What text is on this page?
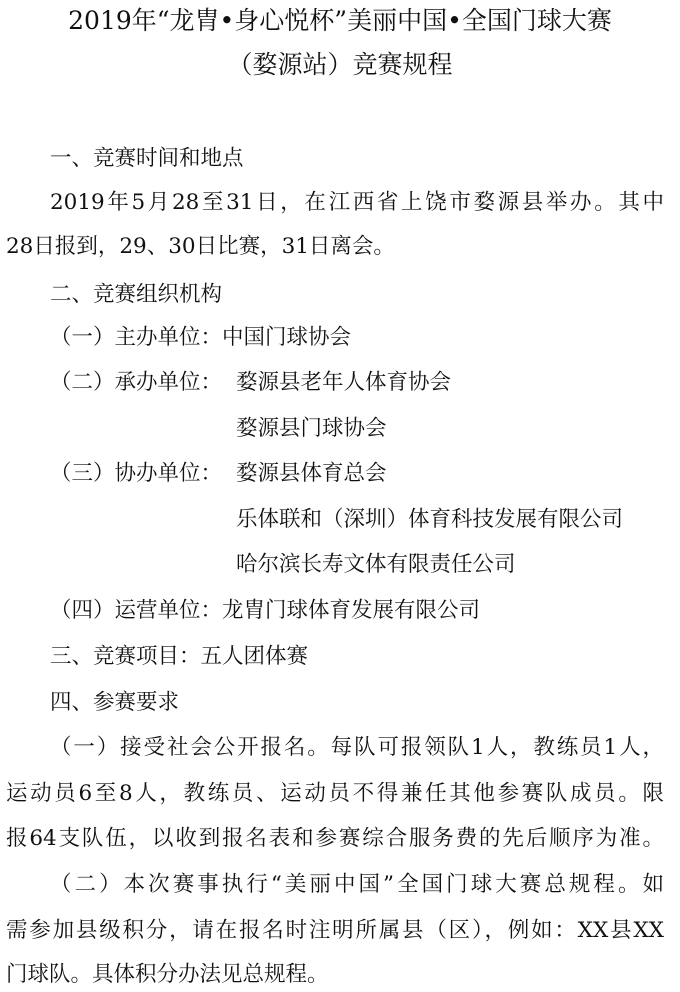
2019年“龙胄•身心悦杯”美丽中国•全国门球大赛
（婺源站）竞赛规程
一、竞赛时间和地点
2019年5月28至31日，在江西省上饶市婺源县举办。其中
28日报到，29、30日比赛，31日离会。
二、竞赛组织机构
（一）主办单位：中国门球协会
（二）承办单位： 婺源县老年人体育协会
婺源县门球协会
（三）协办单位： 婺源县体育总会
乐体联和（深圳）体育科技发展有限公司
哈尔滨长寿文体有限责任公司
（四）运营单位：龙胄门球体育发展有限公司
三、竞赛项目：五人团体赛
四、参赛要求
（一）接受社会公开报名。每队可报领队1人，教练员1人，
运动员6至8人，教练员、运动员不得兼任其他参赛队成员。限
报64支队伍，以收到报名表和参赛综合服务费的先后顺序为准。
（二）本次赛事执行“美丽中国”全国门球大赛总规程。如
需参加县级积分，请在报名时注明所属县（区），例如：XX县XX
门球队。具体积分办法见总规程。
